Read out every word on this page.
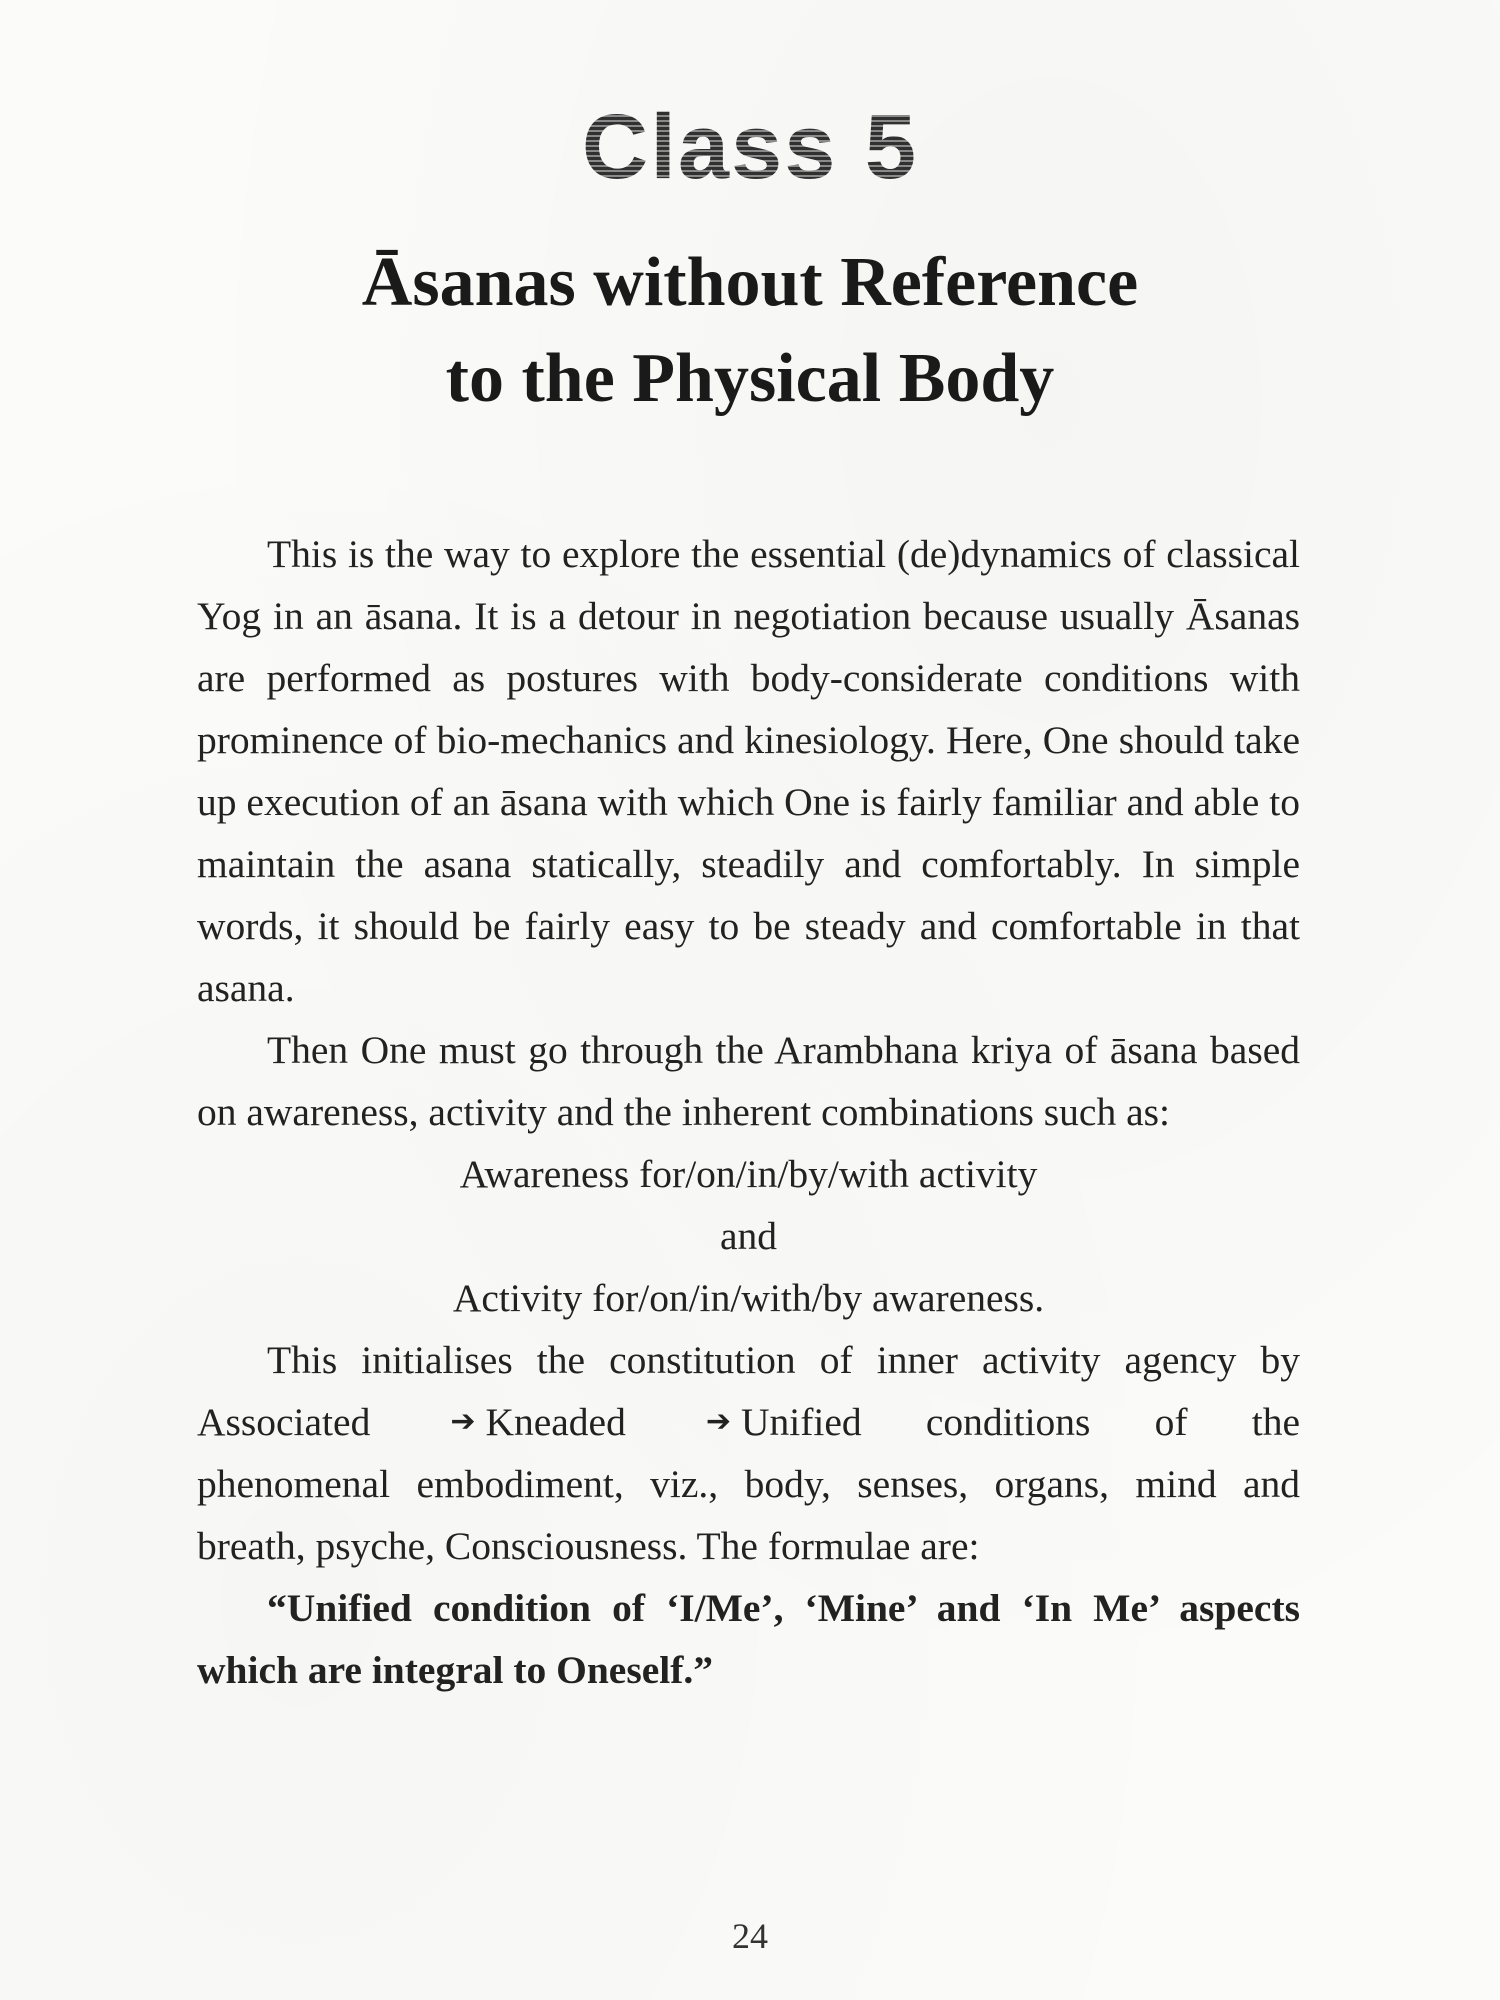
Class 5
Āsanas without Reference
to the Physical Body

This is the way to explore the essential (de)dynamics of classical Yog in an āsana. It is a detour in negotiation because usually Āsanas are performed as postures with body-considerate conditions with prominence of bio-mechanics and kinesiology. Here, One should take up execution of an āsana with which One is fairly familiar and able to maintain the asana statically, steadily and comfortably. In simple words, it should be fairly easy to be steady and comfortable in that asana.

Then One must go through the Arambhana kriya of āsana based on awareness, activity and the inherent combinations such as:

Awareness for/on/in/by/with activity

and

Activity for/on/in/with/by awareness.

This initialises the constitution of inner activity agency by Associated	➔ Kneaded	➔ Unified conditions of the phenomenal embodiment, viz., body, senses, organs, mind and breath, psyche, Consciousness. The formulae are:

“Unified condition of ‘I/Me’, ‘Mine’ and ‘In Me’ aspects which are integral to Oneself.”

24
